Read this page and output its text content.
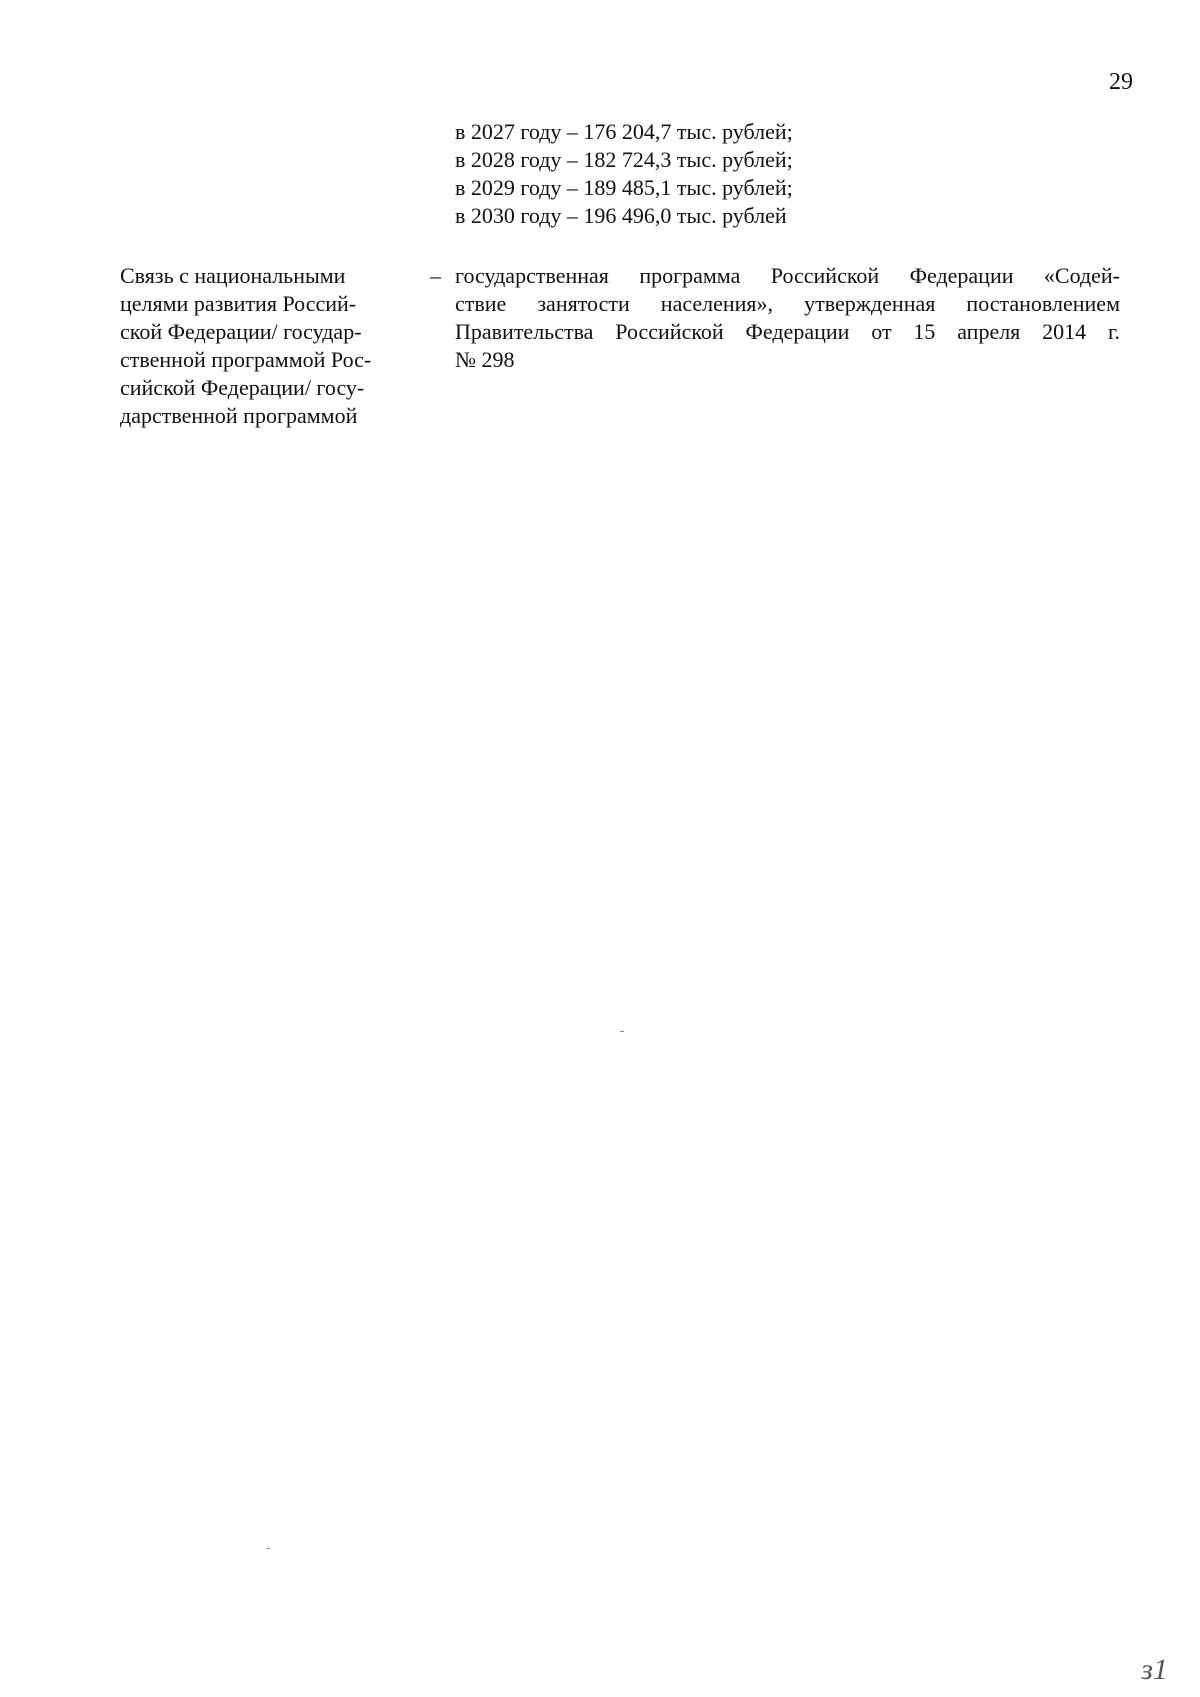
29
в 2027 году – 176 204,7 тыс. рублей;
в 2028 году – 182 724,3 тыс. рублей;
в 2029 году – 189 485,1 тыс. рублей;
в 2030 году – 196 496,0 тыс. рублей
Связь с национальными
целями развития Россий-
ской Федерации/ государ-
ственной программой Рос-
сийской Федерации/ госу-
дарственной программой
– государственная программа Российской Федерации «Содей-
ствие занятости населения», утвержденная постановлением
Правительства Российской Федерации от 15 апреля 2014 г.
№ 298
ɜ1
